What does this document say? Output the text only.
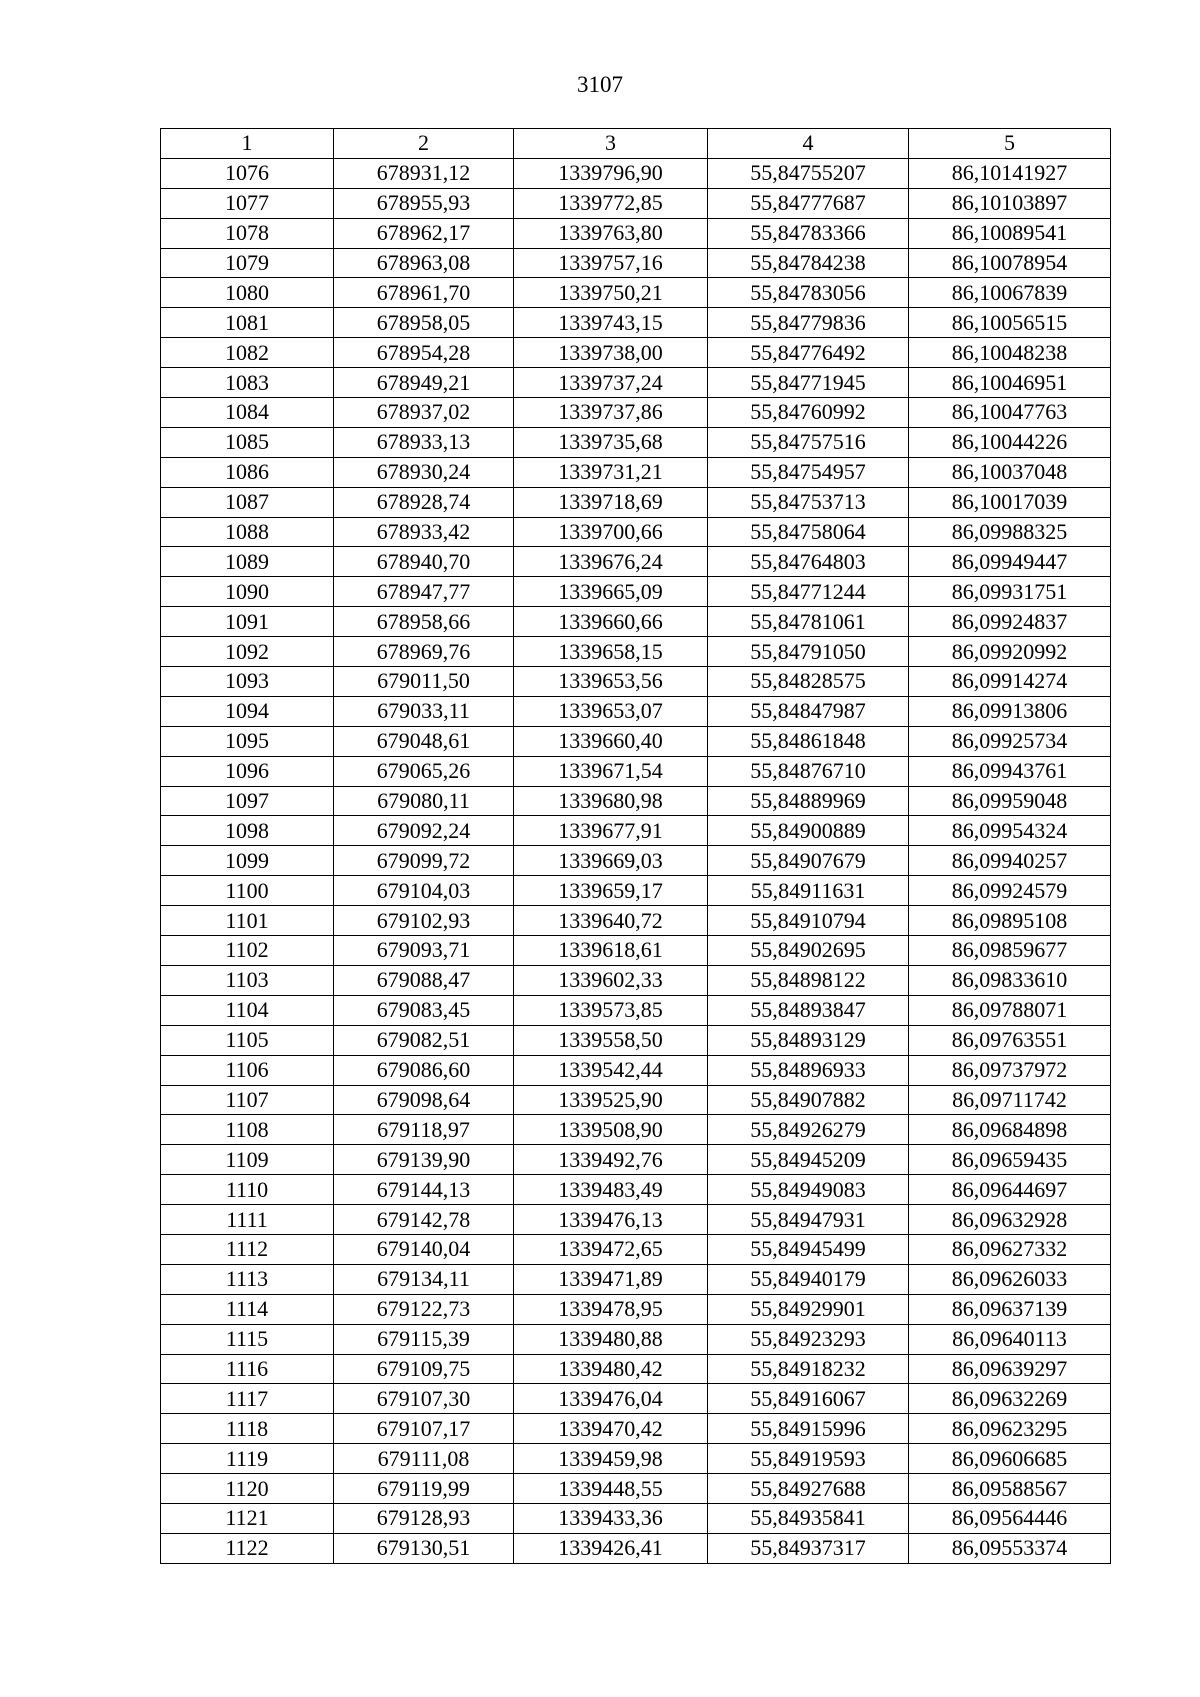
3107
1	2	3	4	5
1076	678931,12	1339796,90	55,84755207	86,10141927
1077	678955,93	1339772,85	55,84777687	86,10103897
1078	678962,17	1339763,80	55,84783366	86,10089541
1079	678963,08	1339757,16	55,84784238	86,10078954
1080	678961,70	1339750,21	55,84783056	86,10067839
1081	678958,05	1339743,15	55,84779836	86,10056515
1082	678954,28	1339738,00	55,84776492	86,10048238
1083	678949,21	1339737,24	55,84771945	86,10046951
1084	678937,02	1339737,86	55,84760992	86,10047763
1085	678933,13	1339735,68	55,84757516	86,10044226
1086	678930,24	1339731,21	55,84754957	86,10037048
1087	678928,74	1339718,69	55,84753713	86,10017039
1088	678933,42	1339700,66	55,84758064	86,09988325
1089	678940,70	1339676,24	55,84764803	86,09949447
1090	678947,77	1339665,09	55,84771244	86,09931751
1091	678958,66	1339660,66	55,84781061	86,09924837
1092	678969,76	1339658,15	55,84791050	86,09920992
1093	679011,50	1339653,56	55,84828575	86,09914274
1094	679033,11	1339653,07	55,84847987	86,09913806
1095	679048,61	1339660,40	55,84861848	86,09925734
1096	679065,26	1339671,54	55,84876710	86,09943761
1097	679080,11	1339680,98	55,84889969	86,09959048
1098	679092,24	1339677,91	55,84900889	86,09954324
1099	679099,72	1339669,03	55,84907679	86,09940257
1100	679104,03	1339659,17	55,84911631	86,09924579
1101	679102,93	1339640,72	55,84910794	86,09895108
1102	679093,71	1339618,61	55,84902695	86,09859677
1103	679088,47	1339602,33	55,84898122	86,09833610
1104	679083,45	1339573,85	55,84893847	86,09788071
1105	679082,51	1339558,50	55,84893129	86,09763551
1106	679086,60	1339542,44	55,84896933	86,09737972
1107	679098,64	1339525,90	55,84907882	86,09711742
1108	679118,97	1339508,90	55,84926279	86,09684898
1109	679139,90	1339492,76	55,84945209	86,09659435
1110	679144,13	1339483,49	55,84949083	86,09644697
1111	679142,78	1339476,13	55,84947931	86,09632928
1112	679140,04	1339472,65	55,84945499	86,09627332
1113	679134,11	1339471,89	55,84940179	86,09626033
1114	679122,73	1339478,95	55,84929901	86,09637139
1115	679115,39	1339480,88	55,84923293	86,09640113
1116	679109,75	1339480,42	55,84918232	86,09639297
1117	679107,30	1339476,04	55,84916067	86,09632269
1118	679107,17	1339470,42	55,84915996	86,09623295
1119	679111,08	1339459,98	55,84919593	86,09606685
1120	679119,99	1339448,55	55,84927688	86,09588567
1121	679128,93	1339433,36	55,84935841	86,09564446
1122	679130,51	1339426,41	55,84937317	86,09553374
